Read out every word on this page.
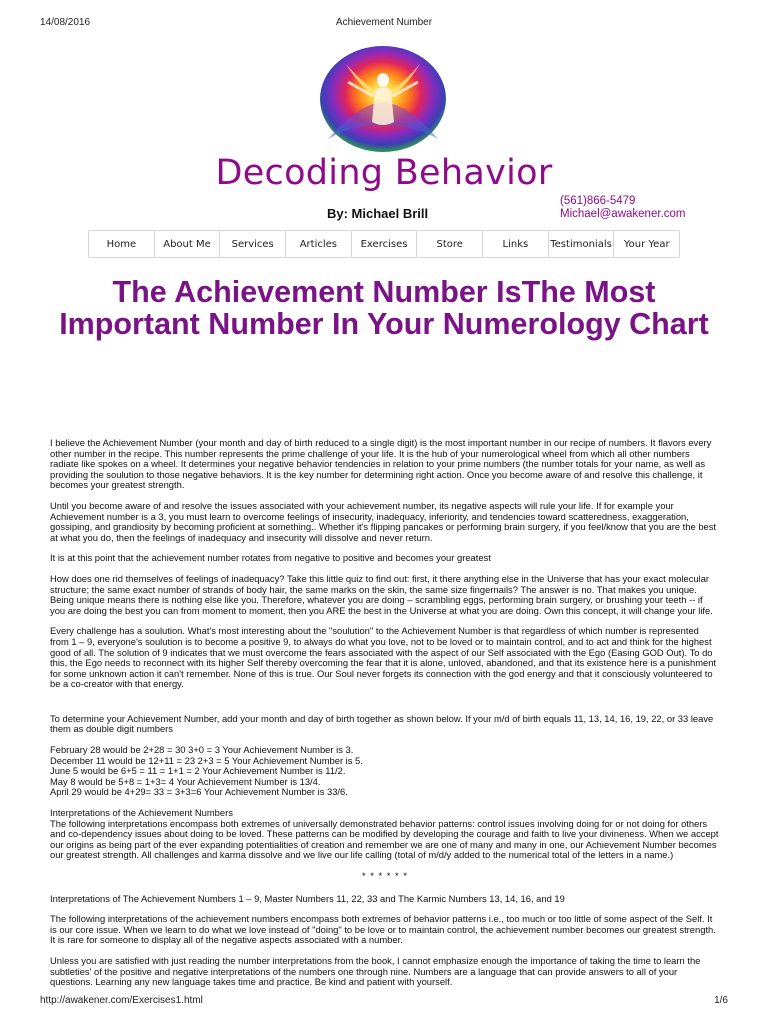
14/08/2016	Achievement Number
Decoding Behavior
By: Michael Brill
(561)866-5479
Michael@awakener.com
Home	About Me	Services	Articles	Exercises	Store	Links	Testimonials	Your Year
The Achievement Number IsThe Most Important Number In Your Numerology Chart

I believe the Achievement Number (your month and day of birth reduced to a single digit) is the most important number in our recipe of numbers. It flavors every other number in the recipe. This number represents the prime challenge of your life. It is the hub of your numerological wheel from which all other numbers radiate like spokes on a wheel. It determines your negative behavior tendencies in relation to your prime numbers (the number totals for your name, as well as providing the soulution to those negative behaviors. It is the key number for determining right action. Once you become aware of and resolve this challenge, it becomes your greatest strength.

Until you become aware of and resolve the issues associated with your achievement number, its negative aspects will rule your life. If for example your Achievement number is a 3, you must learn to overcome feelings of insecurity, inadequacy, inferiority, and tendencies toward scatteredness, exaggeration, gossiping, and grandiosity by becoming proficient at something.. Whether it's flipping pancakes or performing brain surgery, if you feel/know that you are the best at what you do, then the feelings of inadequacy and insecurity will dissolve and never return.

It is at this point that the achievement number rotates from negative to positive and becomes your greatest

How does one rid themselves of feelings of inadequacy? Take this little quiz to find out: first, it there anything else in the Universe that has your exact molecular structure; the same exact number of strands of body hair, the same marks on the skin, the same size fingernails? The answer is no. That makes you unique. Being unique means there is nothing else like you. Therefore, whatever you are doing – scrambling eggs, performing brain surgery, or brushing your teeth -- if you are doing the best you can from moment to moment, then you ARE the best in the Universe at what you are doing. Own this concept, it will change your life.

Every challenge has a soulution. What's most interesting about the "soulution" to the Achievement Number is that regardless of which number is represented from 1 – 9, everyone's soulution is to become a positive 9, to always do what you love, not to be loved or to maintain control, and to act and think for the highest good of all. The solution of 9 indicates that we must overcome the fears associated with the aspect of our Self associated with the Ego (Easing GOD Out). To do this, the Ego needs to reconnect with its higher Self thereby overcoming the fear that it is alone, unloved, abandoned, and that its existence here is a punishment for some unknown action it can't remember. None of this is true. Our Soul never forgets its connection with the god energy and that it consciously volunteered to be a co-creator with that energy.

To determine your Achievement Number, add your month and day of birth together as shown below. If your m/d of birth equals 11, 13, 14, 16, 19, 22, or 33 leave them as double digit numbers

February 28 would be 2+28 = 30 3+0 = 3 Your Achievement Number is 3.
December 11 would be 12+11 = 23 2+3 = 5 Your Achievement Number is 5.
June 5 would be 6+5 = 11 = 1+1 = 2 Your Achievement Number is 11/2.
May 8 would be 5+8 = 1+3= 4 Your Achievement Number is 13/4.
April 29 would be 4+29= 33 = 3+3=6 Your Achievement Number is 33/6.
Interpretations of the Achievement Numbers

The following interpretations encompass both extremes of universally demonstrated behavior patterns: control issues involving doing for or not doing for others and co-dependency issues about doing to be loved. These patterns can be modified by developing the courage and faith to live your divineness. When we accept our origins as being part of the ever expanding potentialities of creation and remember we are one of many and many in one, our Achievement Number becomes our greatest strength. All challenges and karma dissolve and we live our life calling (total of m/d/y added to the numerical total of the letters in a name.)

* * * * * *

Interpretations of The Achievement Numbers 1 – 9, Master Numbers 11, 22, 33 and The Karmic Numbers 13, 14, 16, and 19

The following interpretations of the achievement numbers encompass both extremes of behavior patterns i.e., too much or too little of some aspect of the Self. It is our core issue. When we learn to do what we love instead of "doing" to be love or to maintain control, the achievement number becomes our greatest strength. It is rare for someone to display all of the negative aspects associated with a number.

Unless you are satisfied with just reading the number interpretations from the book, I cannot emphasize enough the importance of taking the time to learn the subtleties' of the positive and negative interpretations of the numbers one through nine. Numbers are a language that can provide answers to all of your questions. Learning any new language takes time and practice. Be kind and patient with yourself.

http://awakener.com/Exercises1.html	1/6
